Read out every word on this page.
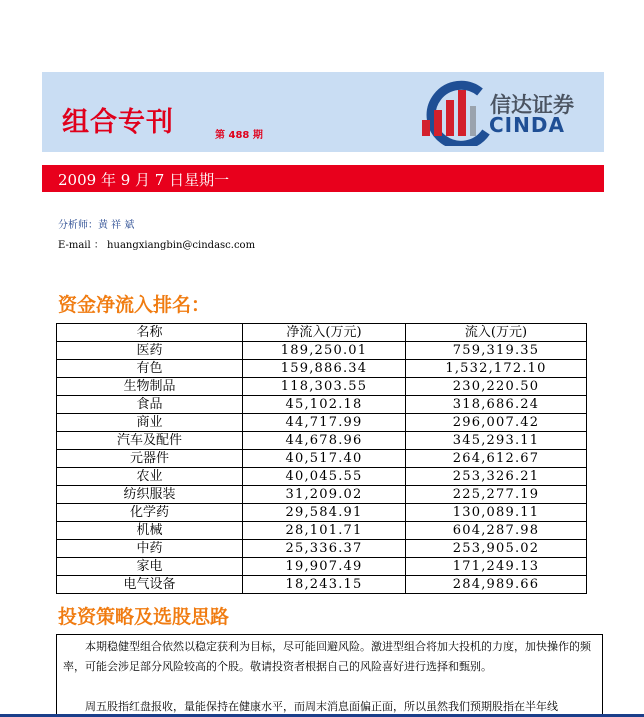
组合专刊	第 488 期
信达证券
CINDA
2009 年 9 月 7 日星期一
分析师：黄 祥 斌
E-mail ： huangxiangbin@cindasc.com
资金净流入排名：
名称	净流入(万元)	流入(万元)
医药	189,250.01	759,319.35
有色	159,886.34	1,532,172.10
生物制品	118,303.55	230,220.50
食品	45,102.18	318,686.24
商业	44,717.99	296,007.42
汽车及配件	44,678.96	345,293.11
元器件	40,517.40	264,612.67
农业	40,045.55	253,326.21
纺织服装	31,209.02	225,277.19
化学药	29,584.91	130,089.11
机械	28,101.71	604,287.98
中药	25,336.37	253,905.02
家电	19,907.49	171,249.13
电气设备	18,243.15	284,989.66
投资策略及选股思路
本期稳健型组合依然以稳定获利为目标，尽可能回避风险。激进型组合将加大投机的力度，加快操作的频率，可能会涉足部分风险较高的个股。敬请投资者根据自己的风险喜好进行选择和甄别。
周五股指红盘报收，量能保持在健康水平，而周末消息面偏正面，所以虽然我们预期股指在半年线
